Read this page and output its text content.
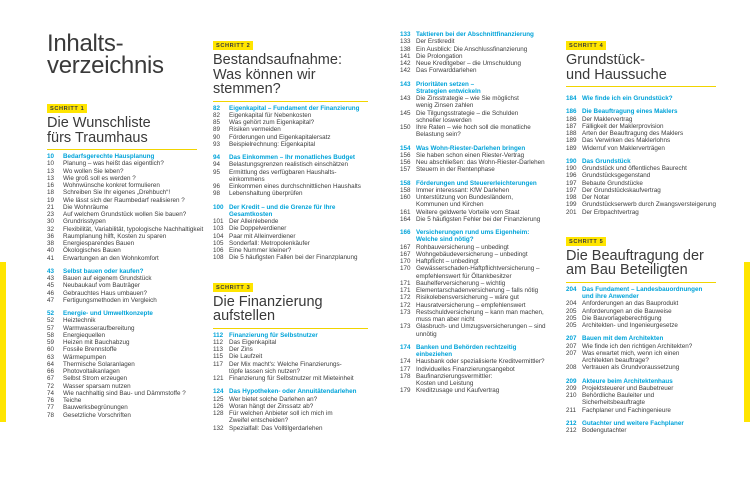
Inhalts-
verzeichnis
SCHRITT 1
Die Wunschliste
fürs Traumhaus
10	Bedarfsgerechte Hausplanung
10	Planung – was heißt das eigentlich?
13	Wo wollen Sie leben?
13	Wie groß soll es werden ?
16	Wohnwünsche konkret formulieren
18	Schreiben Sie Ihr eigenes „Drehbuch“!
19	Wie lässt sich der Raumbedarf realisieren ?
21	Die Wohnräume
23	Auf welchem Grundstück wollen Sie bauen?
30	Grundrisstypen
32	Flexibilität, Variabilität, typologische Nachhaltigkeit
36	Raumplanung hilft, Kosten zu sparen
38	Energiesparendes Bauen
40	Ökologisches Bauen
41	Erwartungen an den Wohnkomfort
43	Selbst bauen oder kaufen?
43	Bauen auf eigenem Grundstück
45	Neubaukauf vom Bauträger
46	Gebrauchtes Haus umbauen?
47	Fertigungsmethoden im Vergleich
52	Energie- und Umweltkonzepte
52	Heiztechnik
57	Warmwasseraufbereitung
58	Energiequellen
59	Heizen mit Bauchabzug
60	Fossile Brennstoffe
63	Wärmepumpen
64	Thermische Solaranlagen
66	Photovoltaikanlagen
67	Selbst Strom erzeugen
72	Wasser sparsam nutzen
74	Wie nachhaltig sind Bau- und Dämmstoffe ?
76	Teiche
77	Bauwerksbegrünungen
78	Gesetzliche Vorschriften
SCHRITT 2
Bestandsaufnahme:
Was können wir
stemmen?
82	Eigenkapital – Fundament der Finanzierung
82	Eigenkapital für Nebenkosten
85	Was gehört zum Eigenkapital?
89	Risiken vermeiden
90	Förderungen und Eigenkapitalersatz
93	Beispielrechnung: Eigenkapital
94	Das Einkommen – Ihr monatliches Budget
94	Belastungsgrenzen realistisch einschätzen
95	Ermittlung des verfügbaren Haushalts-
einkommens
96	Einkommen eines durchschnittlichen Haushalts
98	Lebenshaltung überprüfen
100 Der Kredit – und die Grenze für Ihre
Gesamtkosten
101 Der Alleinlebende
103 Die Doppelverdiener
104 Paar mit Alleinverdiener
105 Sonderfall: Metropolenkäufer
106 Eine Nummer kleiner?
108 Die 5 häufigsten Fallen bei der Finanzplanung
SCHRITT 3
Die Finanzierung
aufstellen
112 Finanzierung für Selbstnutzer
112 Das Eigenkapital
113 Der Zins
115 Die Laufzeit
117 Der Mix macht's: Welche Finanzierungs-
töpfe lassen sich nutzen?
121 Finanzierung für Selbstnutzer mit Mieteinheit
124 Das Hypotheken- oder Annuitätendarlehen
125 Wer bietet solche Darlehen an?
126 Woran hängt der Zinssatz ab?
128 Für welchen Anbieter soll ich mich im
Zweifel entscheiden?
132 Spezialfall: Das Volltilgerdarlehen
133 Taktieren bei der Abschnittfinanzierung
133 Der Erstkredit
138 Ein Ausblick: Die Anschlussfinanzierung
141 Die Prolongation
142 Neue Kreditgeber – die Umschuldung
142 Das Forwarddarlehen
143 Prioritäten setzen –
Strategien entwickeln
143 Die Zinsstrategie – wie Sie möglichst
wenig Zinsen zahlen
145 Die Tilgungsstrategie – die Schulden
schneller loswerden
150 Ihre Raten – wie hoch soll die monatliche
Belastung sein?
154 Was Wohn-Riester-Darlehen bringen
156 Sie haben schon einen Riester-Vertrag
156 Neu abschließen: das Wohn-Riester-Darlehen
157 Steuern in der Rentenphase
158 Förderungen und Steuererleichterungen
158 Immer interessant: KfW Darlehen
160 Unterstützung von Bundesländern,
Kommunen und Kirchen
161 Weitere geldwerte Vorteile vom Staat
164 Die 5 häufigsten Fehler bei der Finanzierung
166 Versicherungen rund ums Eigenheim:
Welche sind nötig?
167 Rohbauversicherung – unbedingt
167 Wohngebäudeversicherung – unbedingt
170 Haftpflicht – unbedingt
170 Gewässerschaden-Haftpflichtversicherung –
empfehlenswert für Öltankbesitzer
171 Bauhelferversicherung – wichtig
171 Elementarschadenversicherung – falls nötig
172 Risikolebensversicherung – wäre gut
172 Hausratversicherung – empfehlenswert
173 Restschuldversicherung – kann man machen,
muss man aber nicht
173 Glasbruch- und Umzugsversicherungen – sind
unnötig
174 Banken und Behörden rechtzeitig
einbeziehen
174 Hausbank oder spezialisierte Kreditvermittler?
177 Individuelles Finanzierungsangebot
178 Baufinanzierungsvermittler:
Kosten und Leistung
179 Kreditzusage und Kaufvertrag
SCHRITT 4
Grundstück-
und Haussuche
184 Wie finde ich ein Grundstück?
186 Die Beauftragung eines Maklers
186 Der Maklervertrag
187 Fälligkeit der Maklerprovision
188 Arten der Beauftragung des Maklers
189 Das Verwirken des Maklerlohns
189 Widerruf von Maklerverträgen
190 Das Grundstück
190 Grundstück und öffentliches Baurecht
196 Grundstücksgegenstand
197 Bebaute Grundstücke
197 Der Grundstückskaufvertrag
198 Der Notar
199 Grundstückserwerb durch Zwangsversteigerung
201 Der Erbpachtvertrag
SCHRITT 5
Die Beauftragung der
am Bau Beteiligten
204 Das Fundament – Landesbauordnungen
und ihre Anwender
204 Anforderungen an das Bauprodukt
205 Anforderungen an die Bauweise
205 Die Bauvorlageberechtigung
205 Architekten- und Ingenieurgesetze
207 Bauen mit dem Architekten
207 Wie finde ich den richtigen Architekten?
207 Was erwartet mich, wenn ich einen
Architekten beauftrage?
208 Vertrauen als Grundvoraussetzung
209 Akteure beim Architektenhaus
209 Projektsteuerer und Baubetreuer
210 Behördliche Bauleiter und
Sicherheitsbeauftragte
211 Fachplaner und Fachingenieure
212 Gutachter und weitere Fachplaner
212 Bodengutachter
